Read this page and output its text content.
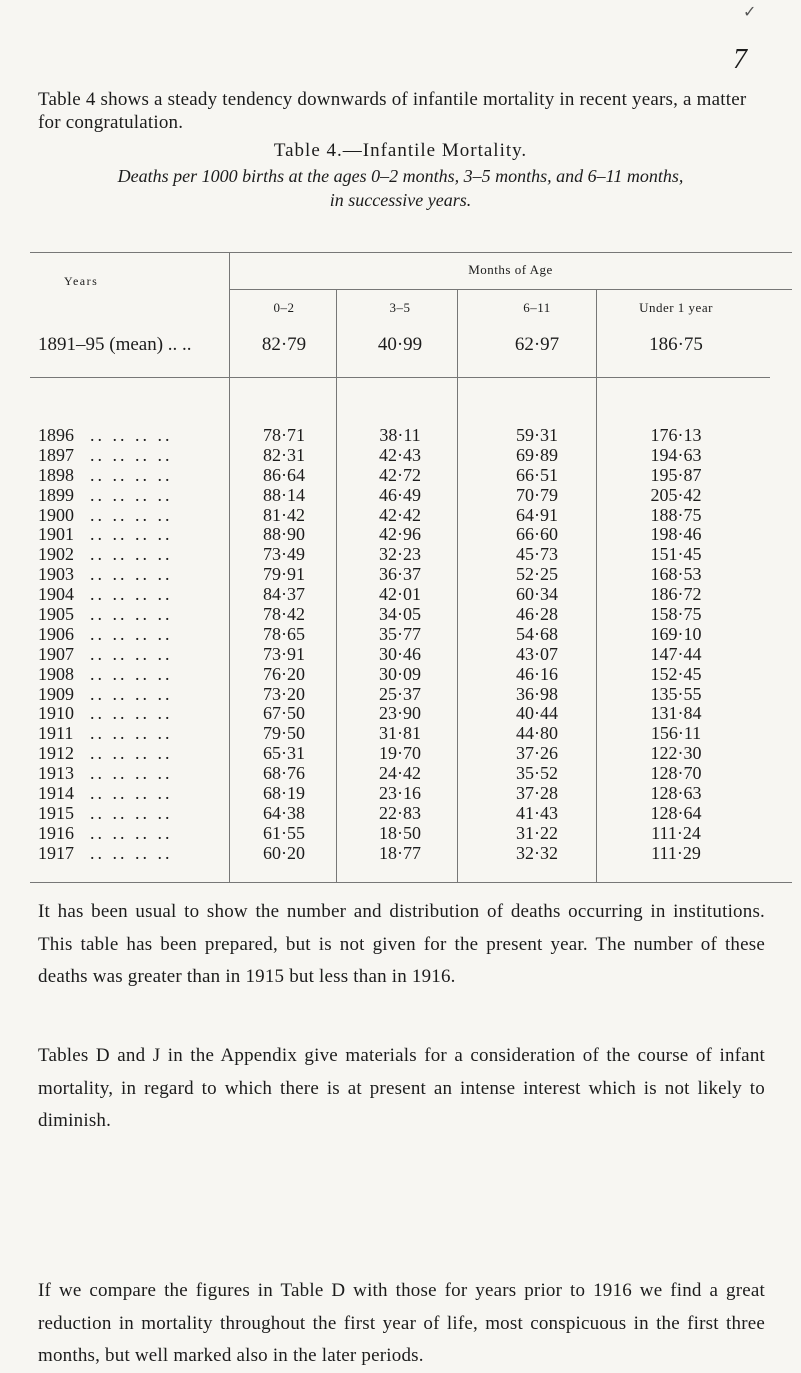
✓
7
Table 4 shows a steady tendency downwards of infantile mortality in recent years, a matter for congratulation.
Table 4.—Infantile Mortality.
Deaths per 1000 births at the ages 0–2 months, 3–5 months, and 6–11 months,
in successive years.
Months of Age
Years
0–2	3–5	6–11	Under 1 year
1891–95 (mean) .. ..	82·79	40·99	62·97	186·75
1896 .. .. .. ..	78·71	38·11	59·31	176·13
1897 .. .. .. ..	82·31	42·43	69·89	194·63
1898 .. .. .. ..	86·64	42·72	66·51	195·87
1899 .. .. .. ..	88·14	46·49	70·79	205·42
1900 .. .. .. ..	81·42	42·42	64·91	188·75
1901 .. .. .. ..	88·90	42·96	66·60	198·46
1902 .. .. .. ..	73·49	32·23	45·73	151·45
1903 .. .. .. ..	79·91	36·37	52·25	168·53
1904 .. .. .. ..	84·37	42·01	60·34	186·72
1905 .. .. .. ..	78·42	34·05	46·28	158·75
1906 .. .. .. ..	78·65	35·77	54·68	169·10
1907 .. .. .. ..	73·91	30·46	43·07	147·44
1908 .. .. .. ..	76·20	30·09	46·16	152·45
1909 .. .. .. ..	73·20	25·37	36·98	135·55
1910 .. .. .. ..	67·50	23·90	40·44	131·84
1911 .. .. .. ..	79·50	31·81	44·80	156·11
1912 .. .. .. ..	65·31	19·70	37·26	122·30
1913 .. .. .. ..	68·76	24·42	35·52	128·70
1914 .. .. .. ..	68·19	23·16	37·28	128·63
1915 .. .. .. ..	64·38	22·83	41·43	128·64
1916 .. .. .. ..	61·55	18·50	31·22	111·24
1917 .. .. .. ..	60·20	18·77	32·32	111·29

It has been usual to show the number and distribution of deaths occurring in institutions. This table has been prepared, but is not given for the present year. The number of these deaths was greater than in 1915 but less than in 1916.

Tables D and J in the Appendix give materials for a consideration of the course of infant mortality, in regard to which there is at present an intense interest which is not likely to diminish.

If we compare the figures in Table D with those for years prior to 1916 we find a great reduction in mortality throughout the first year of life, most conspicuous in the first three months, but well marked also in the later periods.
